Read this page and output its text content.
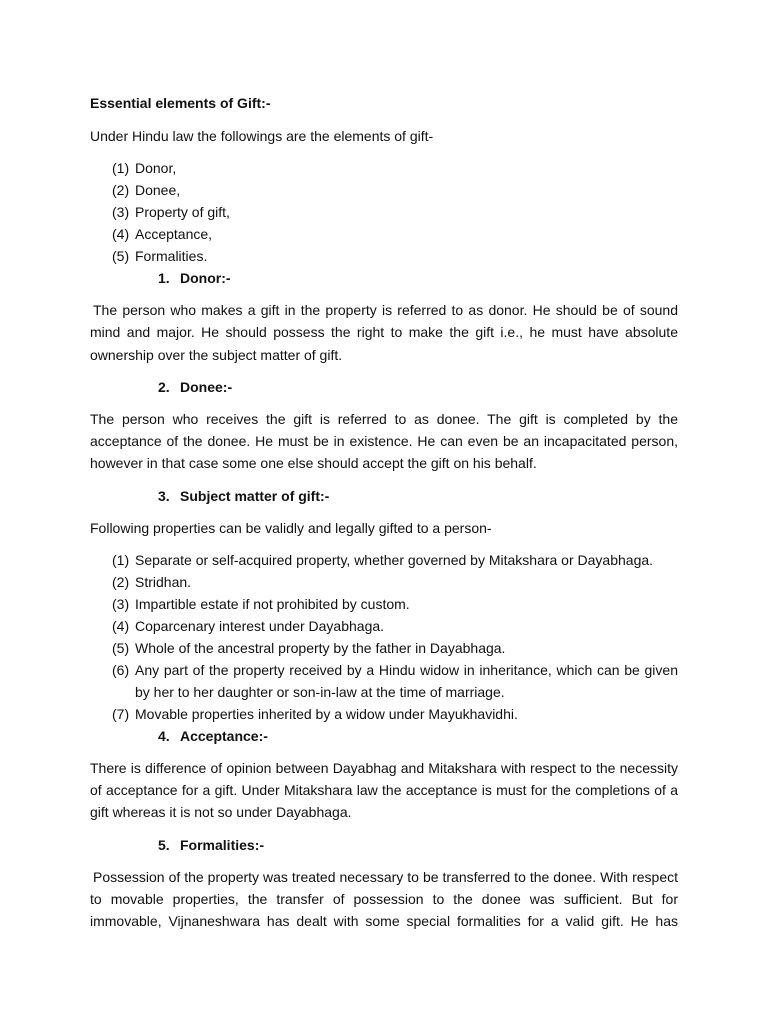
Essential elements of Gift:-
Under Hindu law the followings are the elements of gift-
(1) Donor,
(2) Donee,
(3) Property of gift,
(4) Acceptance,
(5) Formalities.
1. Donor:-

The person who makes a gift in the property is referred to as donor. He should be of sound mind and major. He should possess the right to make the gift i.e., he must have absolute ownership over the subject matter of gift.

2. Donee:-

The person who receives the gift is referred to as donee. The gift is completed by the acceptance of the donee. He must be in existence. He can even be an incapacitated person, however in that case some one else should accept the gift on his behalf.

3. Subject matter of gift:-
Following properties can be validly and legally gifted to a person-
(1) Separate or self-acquired property, whether governed by Mitakshara or Dayabhaga.
(2) Stridhan.
(3) Impartible estate if not prohibited by custom.
(4) Coparcenary interest under Dayabhaga.
(5) Whole of the ancestral property by the father in Dayabhaga.
(6) Any part of the property received by a Hindu widow in inheritance, which can be given by her to her daughter or son-in-law at the time of marriage.
(7) Movable properties inherited by a widow under Mayukhavidhi.
4. Acceptance:-

There is difference of opinion between Dayabhag and Mitakshara with respect to the necessity of acceptance for a gift. Under Mitakshara law the acceptance is must for the completions of a gift whereas it is not so under Dayabhaga.

5. Formalities:-

Possession of the property was treated necessary to be transferred to the donee. With respect to movable properties, the transfer of possession to the donee was sufficient. But for immovable, Vijnaneshwara has dealt with some special formalities for a valid gift. He has
